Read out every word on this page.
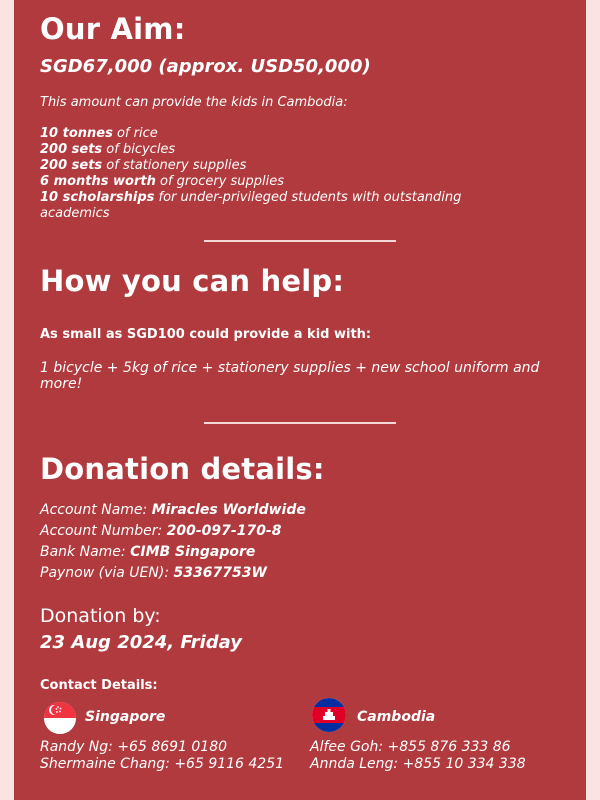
Our Aim:
SGD67,000 (approx. USD50,000)
This amount can provide the kids in Cambodia:
10 tonnes of rice
200 sets of bicycles
200 sets of stationery supplies
6 months worth of grocery supplies
10 scholarships for under-privileged students with outstanding
academics
How you can help:
As small as SGD100 could provide a kid with:
1 bicycle + 5kg of rice + stationery supplies + new school uniform and
more!
Donation details:
Account Name: Miracles Worldwide
Account Number: 200-097-170-8
Bank Name: CIMB Singapore
Paynow (via UEN): 53367753W
Donation by:
23 Aug 2024, Friday
Contact Details:
Singapore
Randy Ng: +65 8691 0180
Shermaine Chang: +65 9116 4251
Cambodia
Alfee Goh: +855 876 333 86
Annda Leng: +855 10 334 338
